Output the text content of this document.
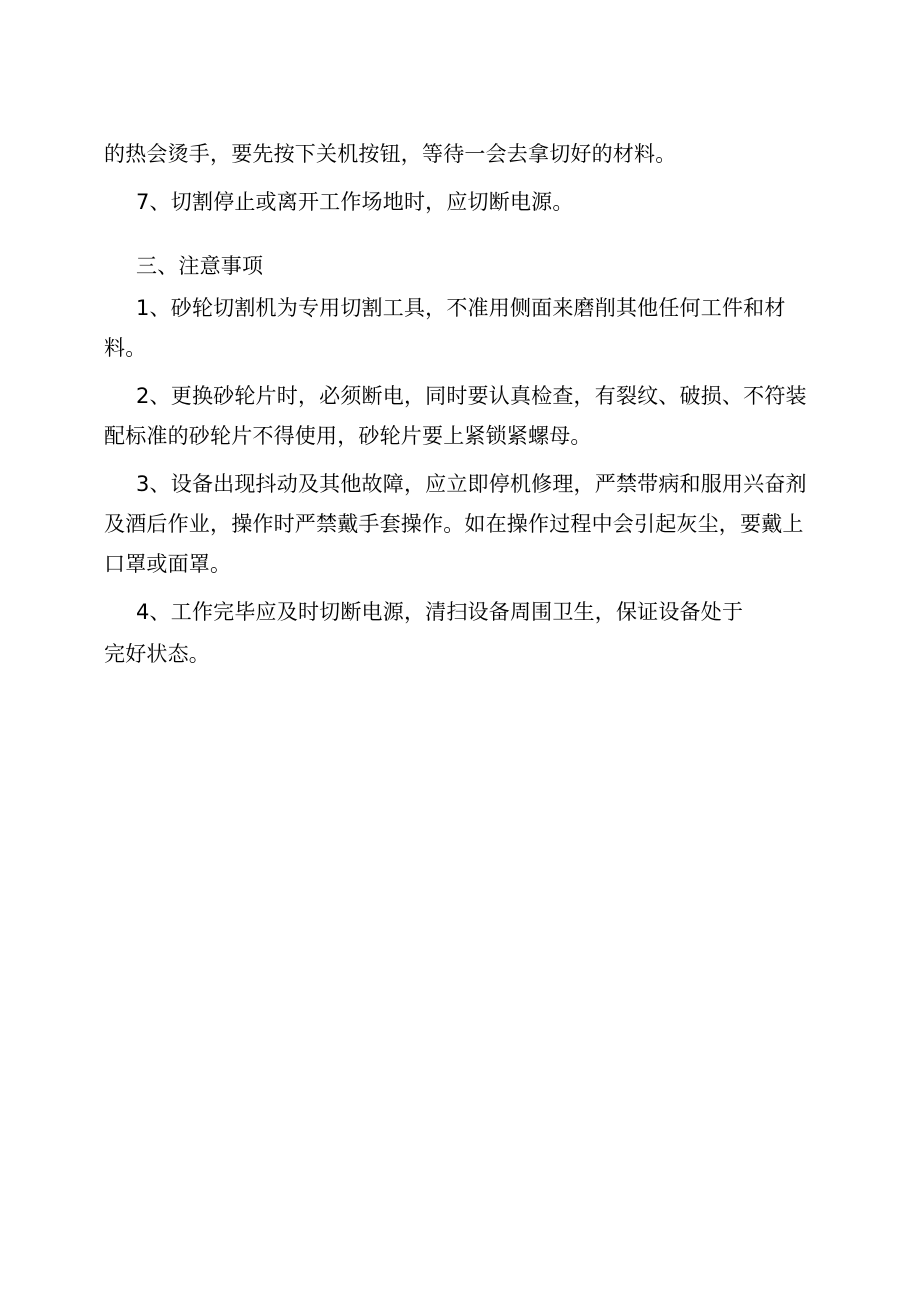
的热会烫手，要先按下关机按钮，等待一会去拿切好的材料。

7、切割停止或离开工作场地时，应切断电源。

三、注意事项

1、砂轮切割机为专用切割工具，不准用侧面来磨削其他任何工件和材料。

2、更换砂轮片时，必须断电，同时要认真检查，有裂纹、破损、不符装配标准的砂轮片不得使用，砂轮片要上紧锁紧螺母。

3、设备出现抖动及其他故障，应立即停机修理，严禁带病和服用兴奋剂及酒后作业，操作时严禁戴手套操作。如在操作过程中会引起灰尘，要戴上口罩或面罩。

4、工作完毕应及时切断电源，清扫设备周围卫生，保证设备处于

完好状态。
